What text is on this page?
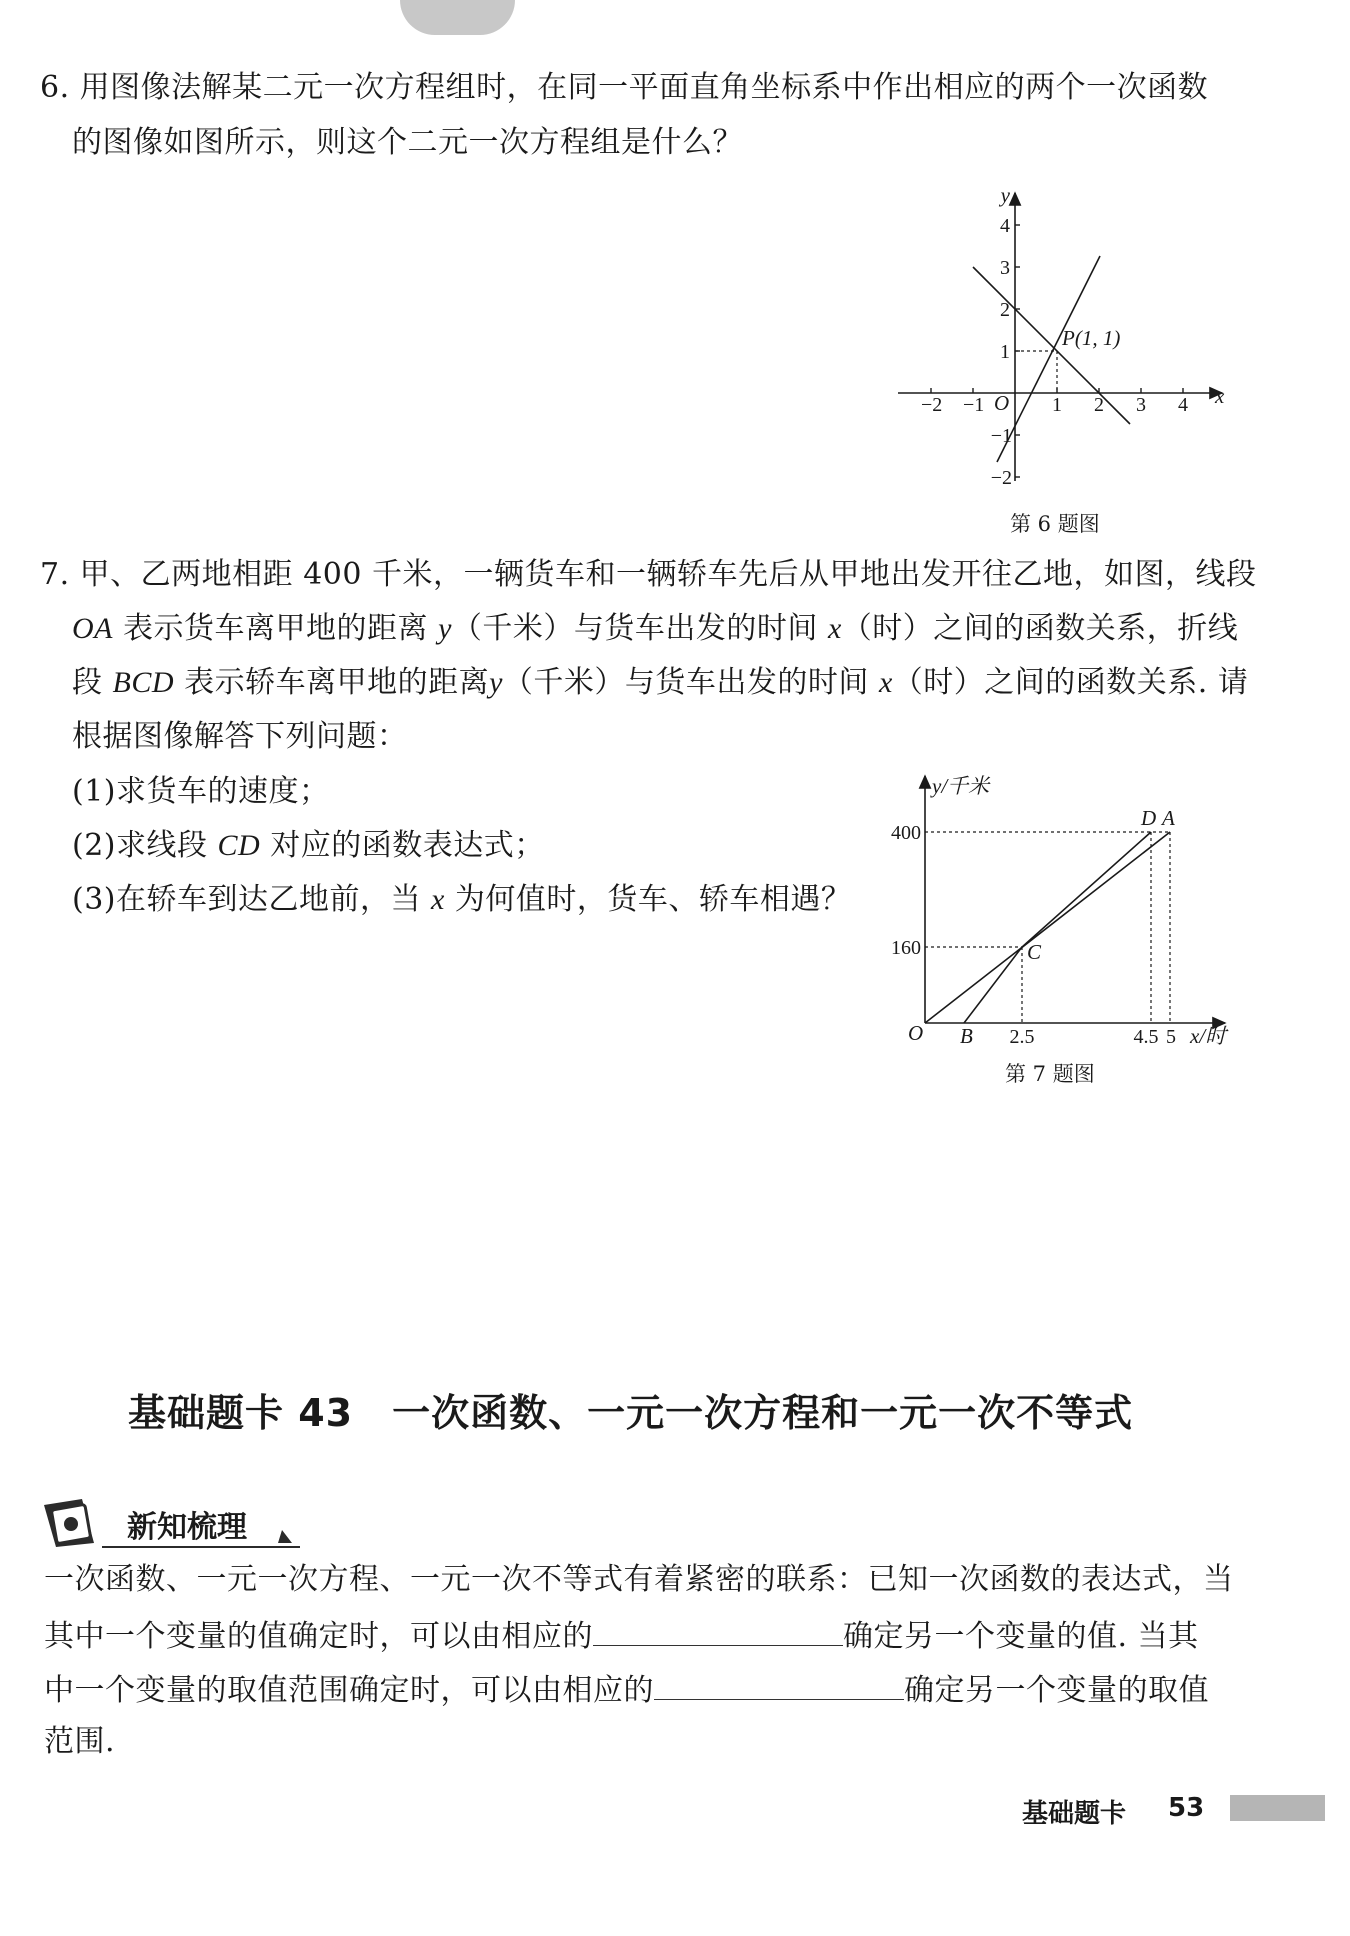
6. 用图像法解某二元一次方程组时，在同一平面直角坐标系中作出相应的两个一次函数
的图像如图所示，则这个二元一次方程组是什么？
y
x
O
−2 −1	1 2 3 4
4
3
2
1
−1
−2
P(1, 1)
第 6 题图
7. 甲、乙两地相距 400 千米，一辆货车和一辆轿车先后从甲地出发开往乙地，如图，线段
OA 表示货车离甲地的距离 y（千米）与货车出发的时间 x（时）之间的函数关系，折线
段 BCD 表示轿车离甲地的距离y（千米）与货车出发的时间 x（时）之间的函数关系. 请
根据图像解答下列问题：
(1)求货车的速度；
(2)求线段 CD 对应的函数表达式；
(3)在轿车到达乙地前，当 x 为何值时，货车、轿车相遇？
y/千米
x/时
O
400
160
2.5	4.5 5
B
C
D A
第 7 题图
基础题卡 43　一次函数、一元一次方程和一元一次不等式
新知梳理
一次函数、一元一次方程、一元一次不等式有着紧密的联系：已知一次函数的表达式，当
其中一个变量的值确定时，可以由相应的	确定另一个变量的值. 当其
中一个变量的取值范围确定时，可以由相应的	确定另一个变量的取值
范围.
基础题卡 53
